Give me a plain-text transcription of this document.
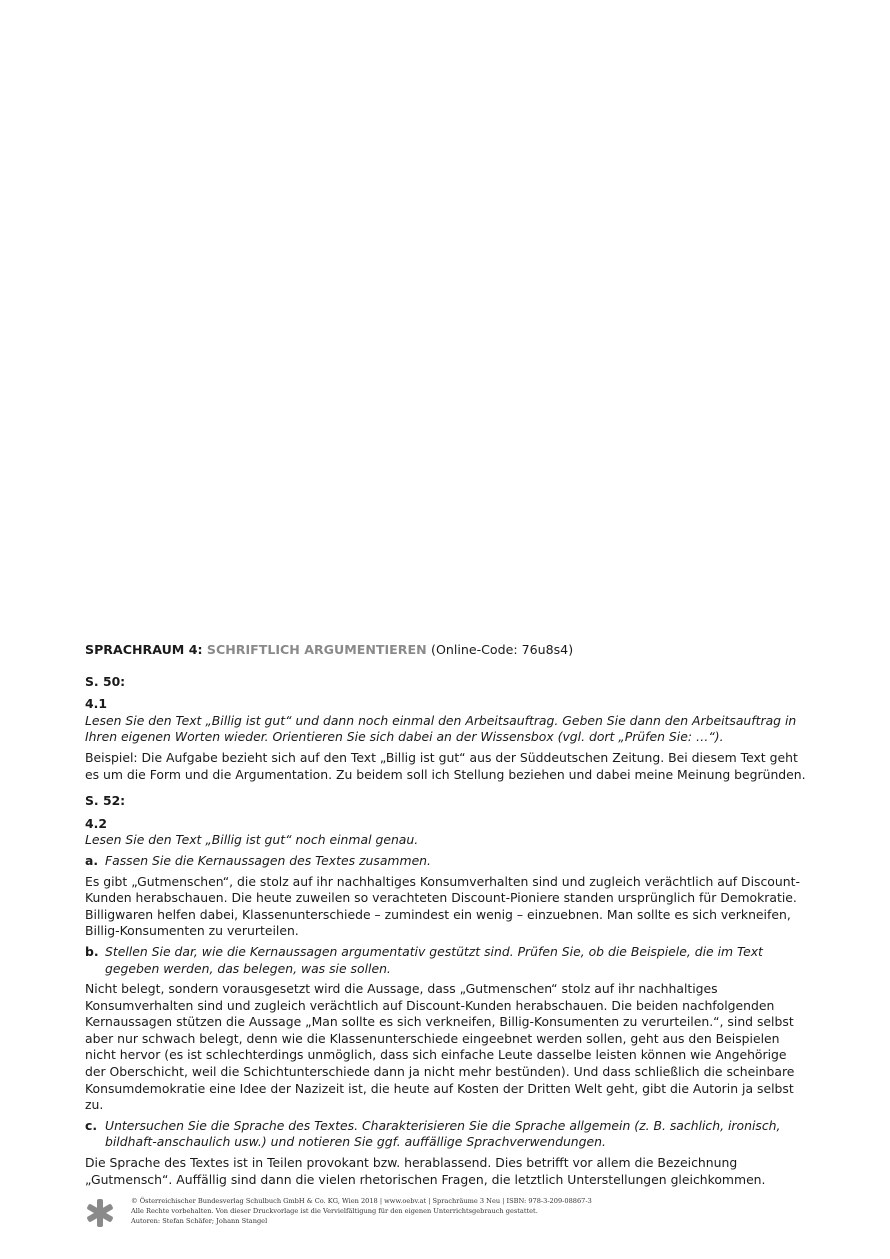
SPRACHRAUM 4: SCHRIFTLICH ARGUMENTIEREN (Online-Code: 76u8s4)
S. 50:
4.1
Lesen Sie den Text „Billig ist gut“ und dann noch einmal den Arbeitsauftrag. Geben Sie dann den Arbeitsauftrag in Ihren eigenen Worten wieder. Orientieren Sie sich dabei an der Wissensbox (vgl. dort „Prüfen Sie: …“).
Beispiel: Die Aufgabe bezieht sich auf den Text „Billig ist gut“ aus der Süddeutschen Zeitung. Bei diesem Text geht es um die Form und die Argumentation. Zu beidem soll ich Stellung beziehen und dabei meine Meinung begründen.
S. 52:
4.2
Lesen Sie den Text „Billig ist gut“ noch einmal genau.
a. Fassen Sie die Kernaussagen des Textes zusammen.
Es gibt „Gutmenschen“, die stolz auf ihr nachhaltiges Konsumverhalten sind und zugleich verächtlich auf Discount-Kunden herabschauen. Die heute zuweilen so verachteten Discount-Pioniere standen ursprünglich für Demokratie. Billigwaren helfen dabei, Klassenunterschiede – zumindest ein wenig – einzuebnen. Man sollte es sich verkneifen, Billig-Konsumenten zu verurteilen.
b. Stellen Sie dar, wie die Kernaussagen argumentativ gestützt sind. Prüfen Sie, ob die Beispiele, die im Text gegeben werden, das belegen, was sie sollen.
Nicht belegt, sondern vorausgesetzt wird die Aussage, dass „Gutmenschen“ stolz auf ihr nachhaltiges Konsumverhalten sind und zugleich verächtlich auf Discount-Kunden herabschauen. Die beiden nachfolgenden Kernaussagen stützen die Aussage „Man sollte es sich verkneifen, Billig-Konsumenten zu verurteilen.“, sind selbst aber nur schwach belegt, denn wie die Klassenunterschiede eingeebnet werden sollen, geht aus den Beispielen nicht hervor (es ist schlechterdings unmöglich, dass sich einfache Leute dasselbe leisten können wie Angehörige der Oberschicht, weil die Schichtunterschiede dann ja nicht mehr bestünden). Und dass schließlich die scheinbare Konsumdemokratie eine Idee der Nazizeit ist, die heute auf Kosten der Dritten Welt geht, gibt die Autorin ja selbst zu.
c. Untersuchen Sie die Sprache des Textes. Charakterisieren Sie die Sprache allgemein (z. B. sachlich, ironisch, bildhaft-anschaulich usw.) und notieren Sie ggf. auffällige Sprachverwendungen.
Die Sprache des Textes ist in Teilen provokant bzw. herablassend. Dies betrifft vor allem die Bezeichnung „Gutmensch“. Auffällig sind dann die vielen rhetorischen Fragen, die letztlich Unterstellungen gleichkommen.
© Österreichischer Bundesverlag Schulbuch GmbH & Co. KG, Wien 2018 | www.oebv.at | Sprachräume 3 Neu | ISBN: 978-3-209-08867-3
Alle Rechte vorbehalten. Von dieser Druckvorlage ist die Vervielfältigung für den eigenen Unterrichtsgebrauch gestattet.
Autoren: Stefan Schäfer; Johann Stangel
